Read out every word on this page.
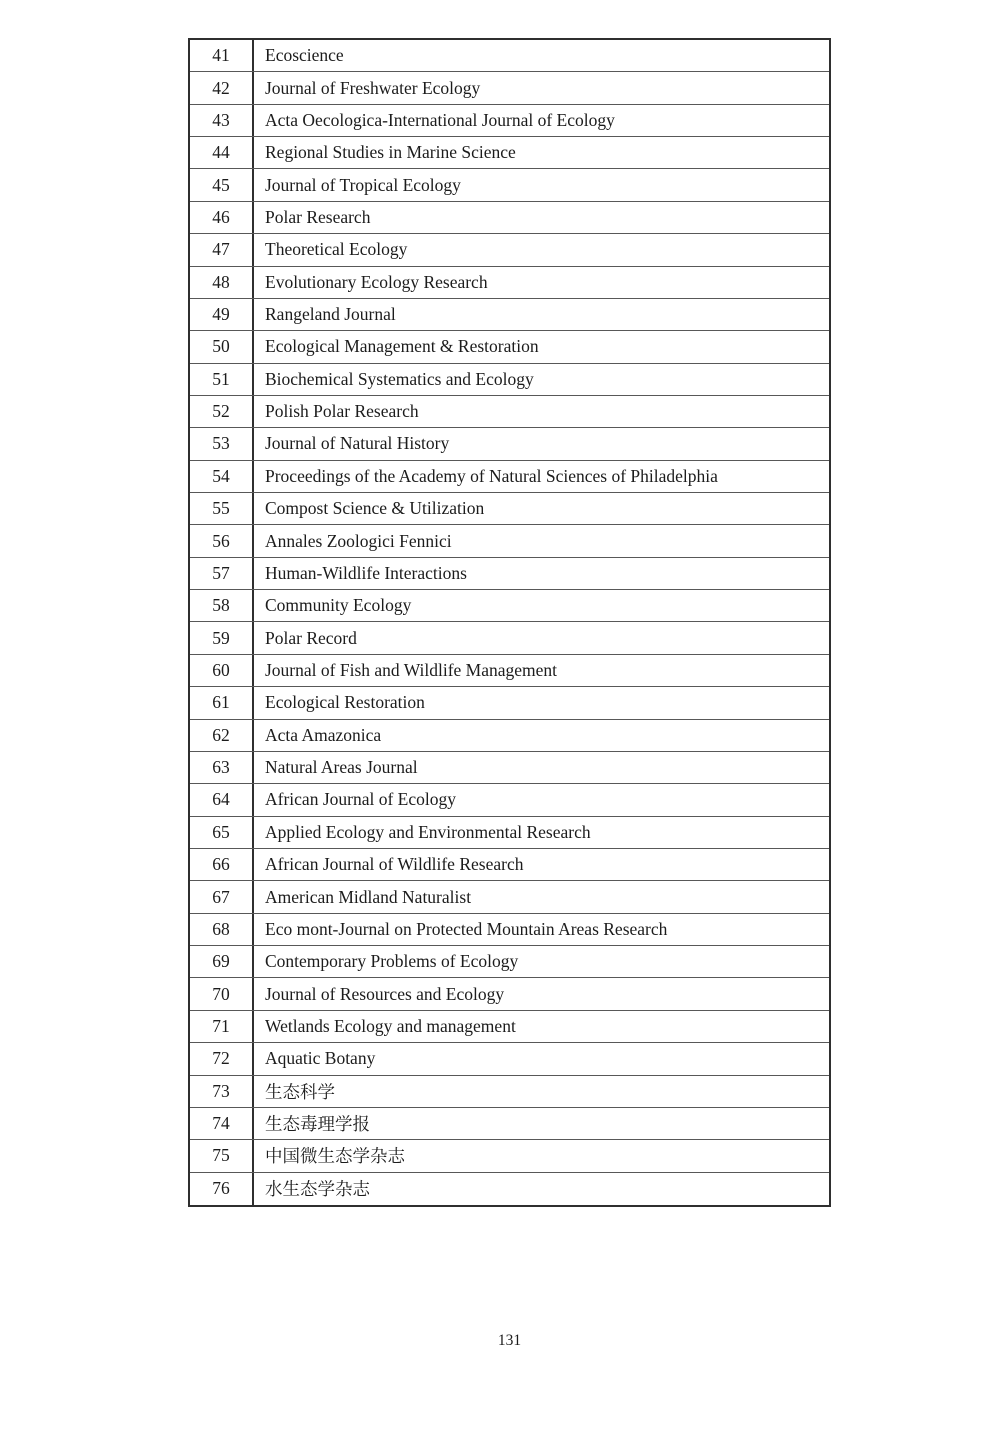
41	Ecoscience
42	Journal of Freshwater Ecology
43	Acta Oecologica-International Journal of Ecology
44	Regional Studies in Marine Science
45	Journal of Tropical Ecology
46	Polar Research
47	Theoretical Ecology
48	Evolutionary Ecology Research
49	Rangeland Journal
50	Ecological Management & Restoration
51	Biochemical Systematics and Ecology
52	Polish Polar Research
53	Journal of Natural History
54	Proceedings of the Academy of Natural Sciences of Philadelphia
55	Compost Science & Utilization
56	Annales Zoologici Fennici
57	Human-Wildlife Interactions
58	Community Ecology
59	Polar Record
60	Journal of Fish and Wildlife Management
61	Ecological Restoration
62	Acta Amazonica
63	Natural Areas Journal
64	African Journal of Ecology
65	Applied Ecology and Environmental Research
66	African Journal of Wildlife Research
67	American Midland Naturalist
68	Eco mont-Journal on Protected Mountain Areas Research
69	Contemporary Problems of Ecology
70	Journal of Resources and Ecology
71	Wetlands Ecology and management
72	Aquatic Botany
73	生态科学
74	生态毒理学报
75	中国微生态学杂志
76	水生态学杂志
131
